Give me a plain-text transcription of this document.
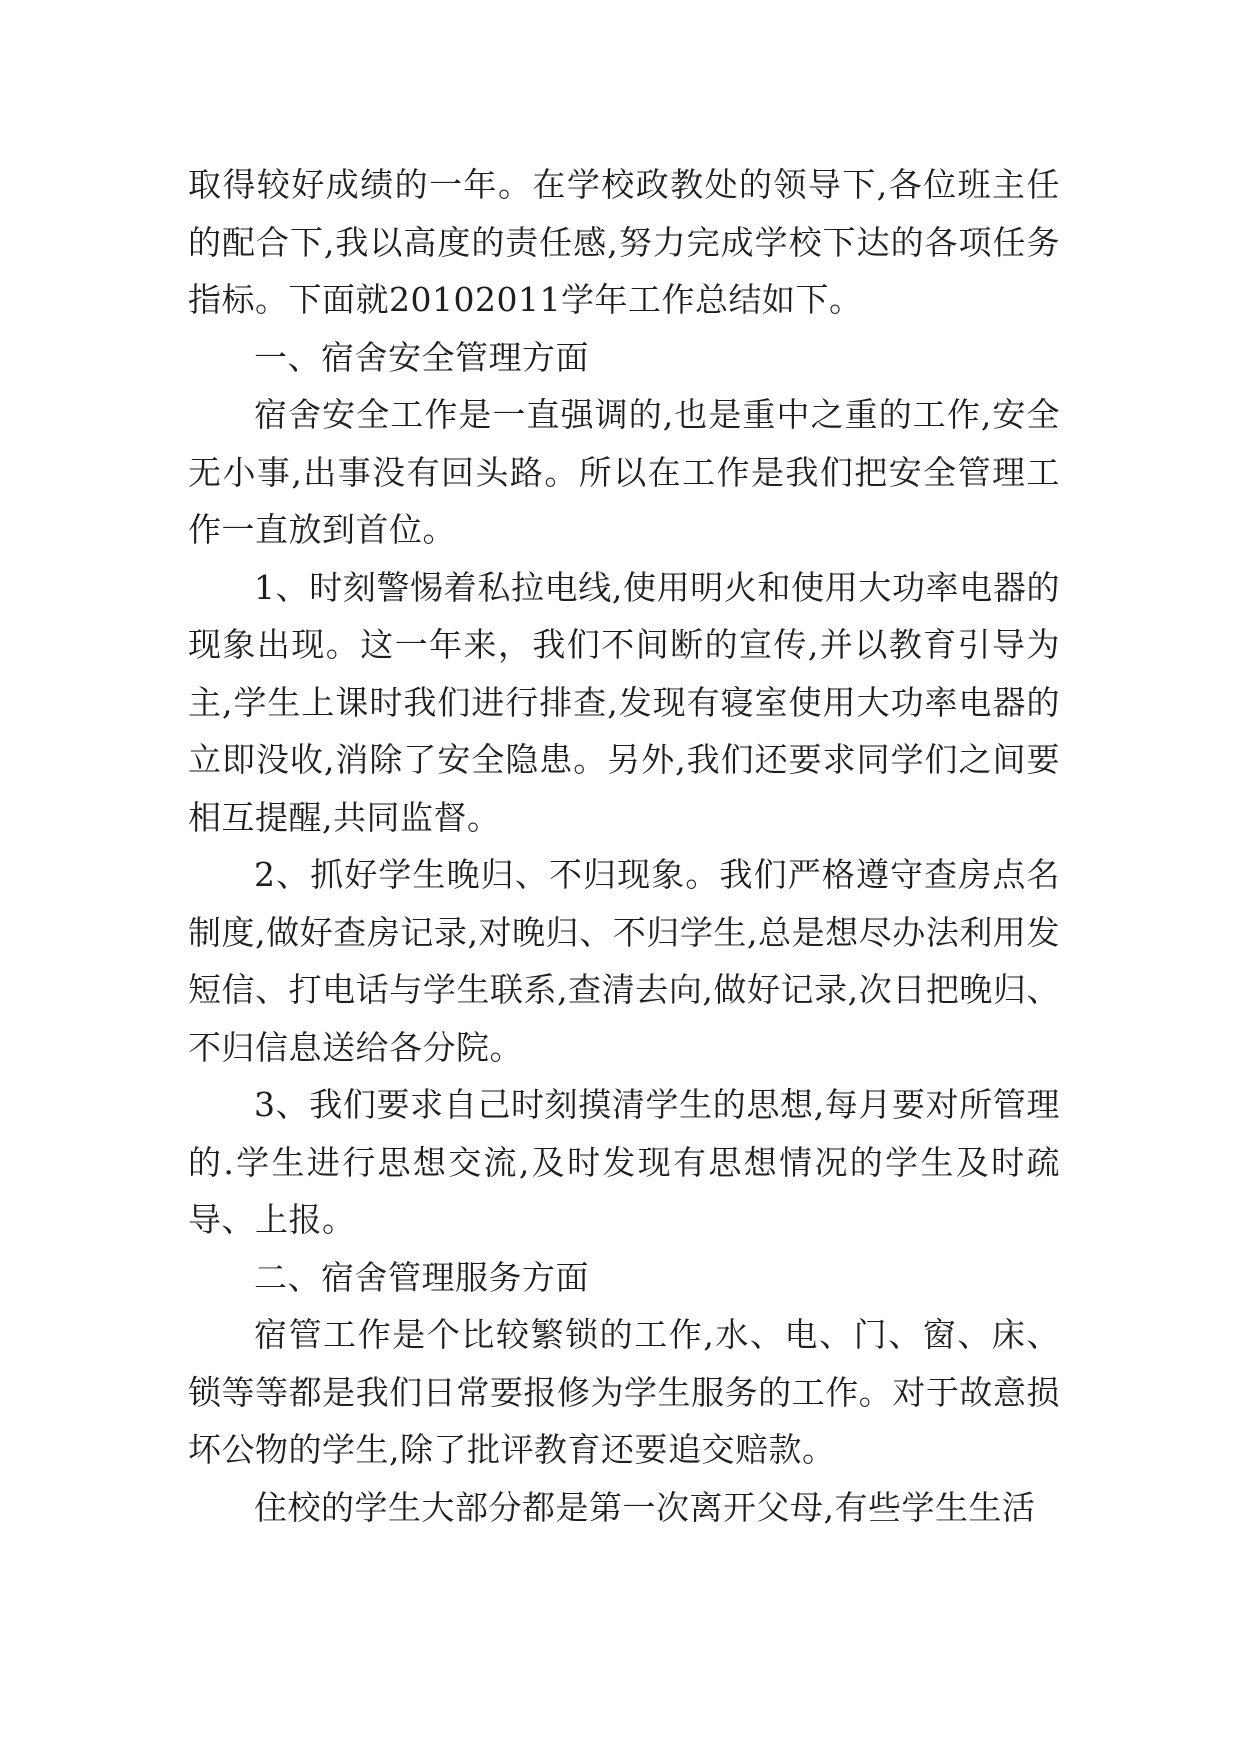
取得较好成绩的一年。在学校政教处的领导下,各位班主任的配合下,我以高度的责任感,努力完成学校下达的各项任务指标。下面就20102011学年工作总结如下。

一、宿舍安全管理方面

宿舍安全工作是一直强调的,也是重中之重的工作,安全无小事,出事没有回头路。所以在工作是我们把安全管理工作一直放到首位。

1、时刻警惕着私拉电线,使用明火和使用大功率电器的现象出现。这一年来，我们不间断的宣传,并以教育引导为主,学生上课时我们进行排查,发现有寝室使用大功率电器的立即没收,消除了安全隐患。另外,我们还要求同学们之间要相互提醒,共同监督。

2、抓好学生晚归、不归现象。我们严格遵守查房点名制度,做好查房记录,对晚归、不归学生,总是想尽办法利用发短信、打电话与学生联系,查清去向,做好记录,次日把晚归、不归信息送给各分院。

3、我们要求自己时刻摸清学生的思想,每月要对所管理的.学生进行思想交流,及时发现有思想情况的学生及时疏导、上报。

二、宿舍管理服务方面

宿管工作是个比较繁锁的工作,水、电、门、窗、床、锁等等都是我们日常要报修为学生服务的工作。对于故意损坏公物的学生,除了批评教育还要追交赔款。

住校的学生大部分都是第一次离开父母,有些学生生活
